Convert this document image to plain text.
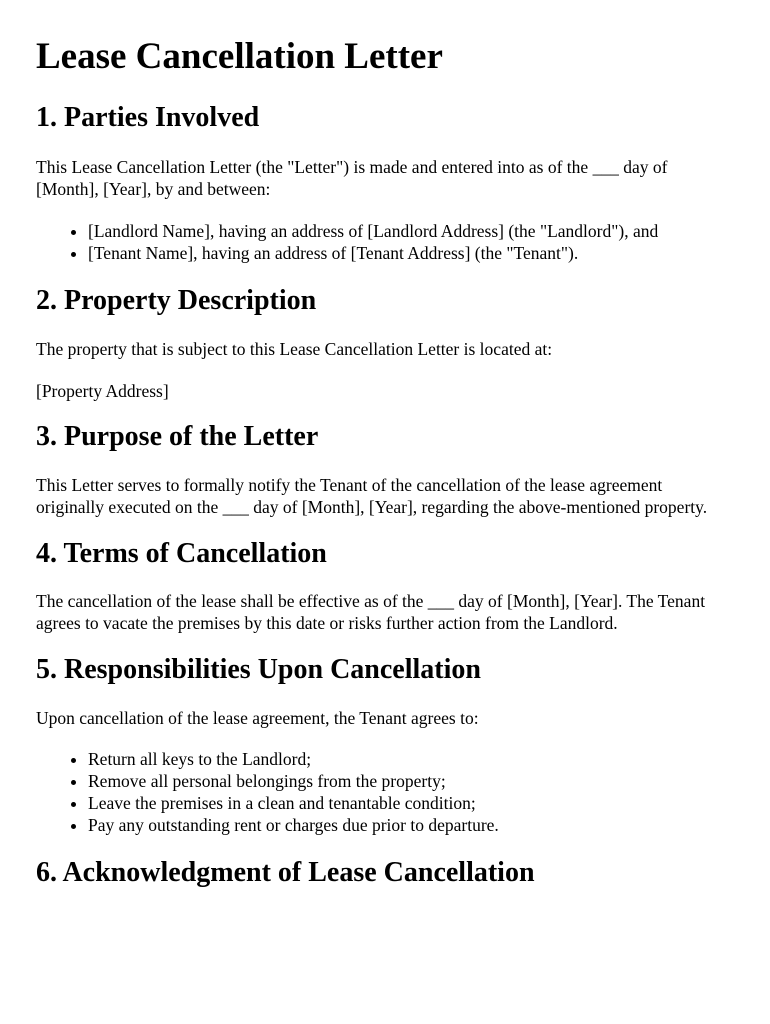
Lease Cancellation Letter
1. Parties Involved

This Lease Cancellation Letter (the "Letter") is made and entered into as of the ___ day of [Month], [Year], by and between:

• [Landlord Name], having an address of [Landlord Address] (the "Landlord"), and
• [Tenant Name], having an address of [Tenant Address] (the "Tenant").
2. Property Description

The property that is subject to this Lease Cancellation Letter is located at:

[Property Address]

3. Purpose of the Letter

This Letter serves to formally notify the Tenant of the cancellation of the lease agreement originally executed on the ___ day of [Month], [Year], regarding the above-mentioned property.

4. Terms of Cancellation

The cancellation of the lease shall be effective as of the ___ day of [Month], [Year]. The Tenant agrees to vacate the premises by this date or risks further action from the Landlord.

5. Responsibilities Upon Cancellation

Upon cancellation of the lease agreement, the Tenant agrees to:

• Return all keys to the Landlord;
• Remove all personal belongings from the property;
• Leave the premises in a clean and tenantable condition;
• Pay any outstanding rent or charges due prior to departure.
6. Acknowledgment of Lease Cancellation
